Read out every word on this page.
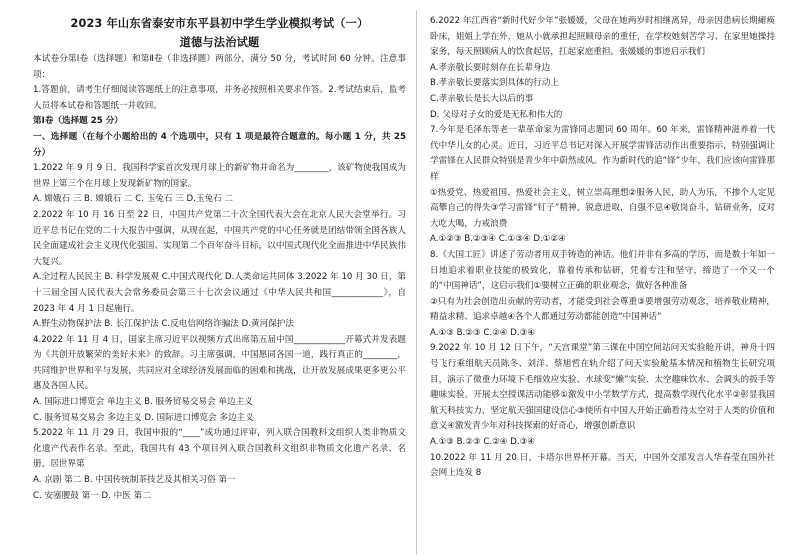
2023 年山东省泰安市东平县初中学生学业模拟考试（一）
道德与法治试题
本试卷分第Ⅰ卷（选择题）和第Ⅱ卷（非选择题）两部分，满分 50 分，考试时间 60 分钟。注意事项：
1.答题前，请考生仔细阅读答题纸上的注意事项，并务必按照相关要求作答。2.考试结束后，监考人员将本试卷和答题纸一并收回。
第Ⅰ卷（选择题 25 分）
一、选择题（在每个小题给出的 4 个选项中，只有 1 项是最符合题意的。每小题 1 分，共 25 分）
1.2022 年 9 月 9 日，我国科学家首次发现月球上的新矿物并命名为________，该矿物使我国成为世界上第三个在月球上发现新矿物的国家。
A. 嫦娥石 三 B. 嫦娥石 二 C. 玉兔石 三 D.玉兔石 二
2.2022 年 10 月 16 日至 22 日，中国共产党第二十次全国代表大会在北京人民大会堂举行。习近平总书记在党的二十大报告中强调，从现在起，中国共产党的中心任务就是团结带领全国各族人民全面建成社会主义现代化强国、实现第二个百年奋斗目标，以中国式现代化全面推进中华民族伟大复兴。
A.全过程人民民主 B. 科学发展观 C.中国式现代化 D.人类命运共同体 3.2022 年 10 月 30 日，第十三届全国人民代表大会常务委员会第三十七次会议通过《中华人民共和国____________》，自 2023 年 4 月 1 日起施行。
A.野生动物保护法 B. 长江保护法 C.反电信网络诈骗法 D.黄河保护法
4.2022 年 11 月 4 日，国家主席习近平以视频方式出席第五届中国____________开幕式并发表题为《共创开放繁荣的美好未来》的致辞。习主席强调，中国愿同各国一道，践行真正的________，共同维护世界和平与发展，共同应对全球经济发展面临的困难和挑战，让开放发展成果更多更公平惠及各国人民。
A. 国际进口博览会 单边主义 B. 服务贸易交易会 单边主义
C. 服务贸易交易会 多边主义 D. 国际进口博览会 多边主义
5.2022 年 11 月 29 日，我国申报的“____”成功通过评审，列入联合国教科文组织人类非物质文化遗产代表作名录。至此，我国共有 43 个项目列入联合国教科文组织非物质文化遗产名录、名册，居世界第
A. 京剧 第二 B. 中国传统制茶技艺及其相关习俗 第一
C. 安塞腰鼓 第一 D. 中医 第二
6.2022 年江西省“新时代好少年”张媛媛，父母在她两岁时相继离异，母亲因患病长期瘫痪卧床，姐姐上学在外，她从小就承担起照顾母亲的重任，在学校她刻苦学习、在家里她操持家务，每天照顾病人的饮食起居，扛起家庭重担。张媛媛的事迹启示我们
A.孝亲敬长要时刻存在长辈身边
B.孝亲敬长要落实到具体的行动上
C.孝亲敬长是长大以后的事
D. 父母对子女的爱是无私和伟大的
7.今年是毛泽东等老一辈革命家为雷锋同志题词 60 周年。60 年来，雷锋精神滋养着一代代中华儿女的心灵。近日，习近平总书记对深入开展学雷锋活动作出重要指示，特别强调让学雷锋在人民群众特别是青少年中蔚然成风。作为新时代的追“锋”少年，我们应该向雷锋那样
①热爱党、热爱祖国、热爱社会主义，树立崇高理想②服务人民，助人为乐，不掺个人定见高攀自己的得失③学习雷锋“钉子”精神，锐意进取，自强不息④敬岗奋斗，钻研业务，反对大吃大喝，力戒浪费
A.①②③ B.②③④ C.①③④ D.①②④
8.《大国工匠》讲述了劳动者用双手铸造的神话。他们并非有多高的学历，而是数十年如一日地追求着职业技能的极致化，靠着传承和钻研，凭着专注和坚守，缔造了一个又一个的“中国神话”，这启示我们①要树立正确的职业观念，做好各种准备
②只有为社会创造出贡献的劳动者，才能受到社会尊重③要增强劳动观念，培养敬业精神，精益求精、追求卓越④各个人都通过劳动都能创造“中国神话”
A.①③ B.②③ C.②④ D.③④
9.2022 年 10 月 12 日下午，“天宫课堂”第三课在中国空间站问天实验舱开讲，神舟十四号飞行乘组航天员陈冬、刘洋、蔡旭哲在轨介绍了问天实验舱基本情况和植物生长研究项目，演示了微重力环境下毛细效应实验、水球变“懒”实验、太空趣味饮水、会调头的扳手等趣味实验。开展太空授课活动能够①激发中小学数学方式，提高数学现代化水平②彰显我国航天科技实力，坚定航天强国建设信心③使所有中国人开始正确看待太空对于人类的价值和意义④激发青少年对科技探索的好奇心，增强创新意识
A.①③ B.②③ C.②④ D.③④
10.2022 年 11 月 20 日，卡塔尔世界杯开幕。当天，中国外交部发言人华春莹在国外社会网上连发 8
